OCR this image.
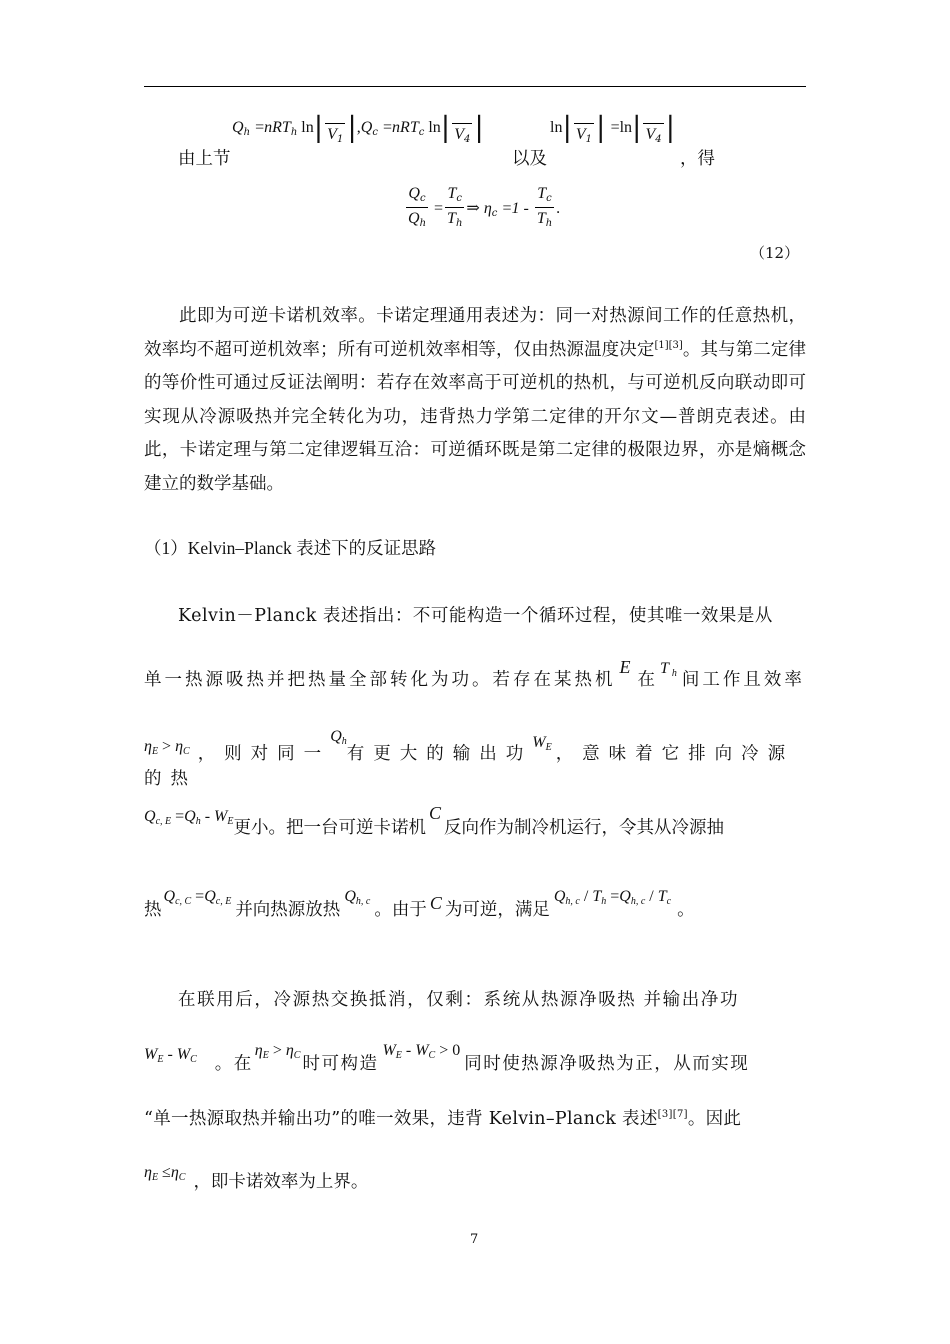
$Q_h =nRT_h$ ln|
$V_1$ $|,Q_c =nRT_c$ ln|
$V_4$ |	ln|
$V_1$ | =ln|
$V_4$ |
由上节	以及	，得
$\frac{Q_c}{Q_h} = \frac{T_c}{T_h}$ ⇒ $\eta_c =1 - \frac{T_c}{T_h}$ .
（12）
此即为可逆卡诺机效率。卡诺定理通用表述为：同一对热源间工作的任意热机，效率均不超可逆机效率；所有可逆机效率相等，仅由热源温度决定[1][3]。其与第二定律的等价性可通过反证法阐明：若存在效率高于可逆机的热机，与可逆机反向联动即可实现从冷源吸热并完全转化为功，违背热力学第二定律的开尔文—普朗克表述。由此，卡诺定理与第二定律逻辑互洽：可逆循环既是第二定律的极限边界，亦是熵概念建立的数学基础。
（1）Kelvin–Planck 表述下的反证思路
Kelvin－Planck 表述指出：不可能构造一个循环过程，使其唯一效果是从
单一热源吸热并把热量全部转化为功。若存在某热机E在$T_h$ 间工作且效率
$\eta_E > \eta_C$ ，则对同一$Q_h$有更大的输出功$W_E$ ，意味着它排向冷源的热
$Q_{c, E} =Q_h - W_E$更小。把一台可逆卡诺机C反向作为制冷机运行，令其从冷源抽
热$Q_{c, C} =Q_{c, E}$ 并向热源放热$Q_{h, c}$ 。由于 C 为可逆，满足$Q_{h, c} / T_h =Q_{h, c} / T_c$ 。
在联用后，冷源热交换抵消，仅剩：系统从热源净吸热 并输出净功
$W_E - W_C$ 。在$\eta_E > \eta_C$ 时可构造$W_E - W_C > 0$同时使热源净吸热为正，从而实现
“单一热源取热并输出功”的唯一效果，违背 Kelvin–Planck 表述[3][7]。因此
$\eta_E \le\eta_C$ ，即卡诺效率为上界。
7
